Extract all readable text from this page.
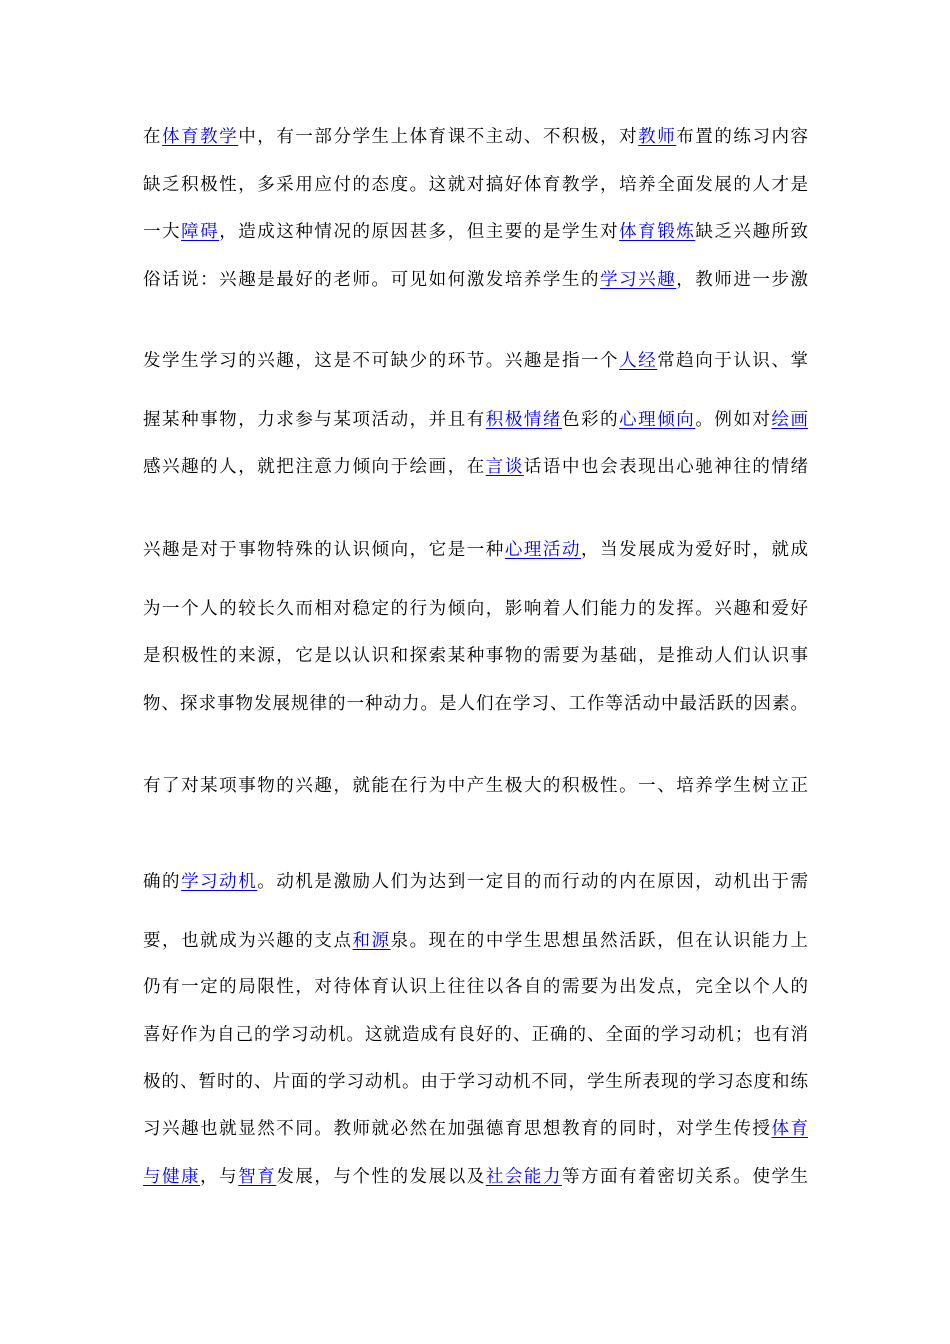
在体育教学中，有一部分学生上体育课不主动、不积极，对教师布置的练习内容
缺乏积极性，多采用应付的态度。这就对搞好体育教学，培养全面发展的人才是
一大障碍，造成这种情况的原因甚多，但主要的是学生对体育锻炼缺乏兴趣所致
俗话说：兴趣是最好的老师。可见如何激发培养学生的学习兴趣，教师进一步激
发学生学习的兴趣，这是不可缺少的环节。兴趣是指一个人经常趋向于认识、掌
握某种事物，力求参与某项活动，并且有积极情绪色彩的心理倾向。例如对绘画
感兴趣的人，就把注意力倾向于绘画，在言谈话语中也会表现出心驰神往的情绪
兴趣是对于事物特殊的认识倾向，它是一种心理活动，当发展成为爱好时，就成
为一个人的较长久而相对稳定的行为倾向，影响着人们能力的发挥。兴趣和爱好
是积极性的来源，它是以认识和探索某种事物的需要为基础，是推动人们认识事
物、探求事物发展规律的一种动力。是人们在学习、工作等活动中最活跃的因素。
有了对某项事物的兴趣，就能在行为中产生极大的积极性。一、培养学生树立正
确的学习动机。动机是激励人们为达到一定目的而行动的内在原因，动机出于需
要，也就成为兴趣的支点和源泉。现在的中学生思想虽然活跃，但在认识能力上
仍有一定的局限性，对待体育认识上往往以各自的需要为出发点，完全以个人的
喜好作为自己的学习动机。这就造成有良好的、正确的、全面的学习动机；也有消
极的、暂时的、片面的学习动机。由于学习动机不同，学生所表现的学习态度和练
习兴趣也就显然不同。教师就必然在加强德育思想教育的同时，对学生传授体育
与健康，与智育发展，与个性的发展以及社会能力等方面有着密切关系。使学生
